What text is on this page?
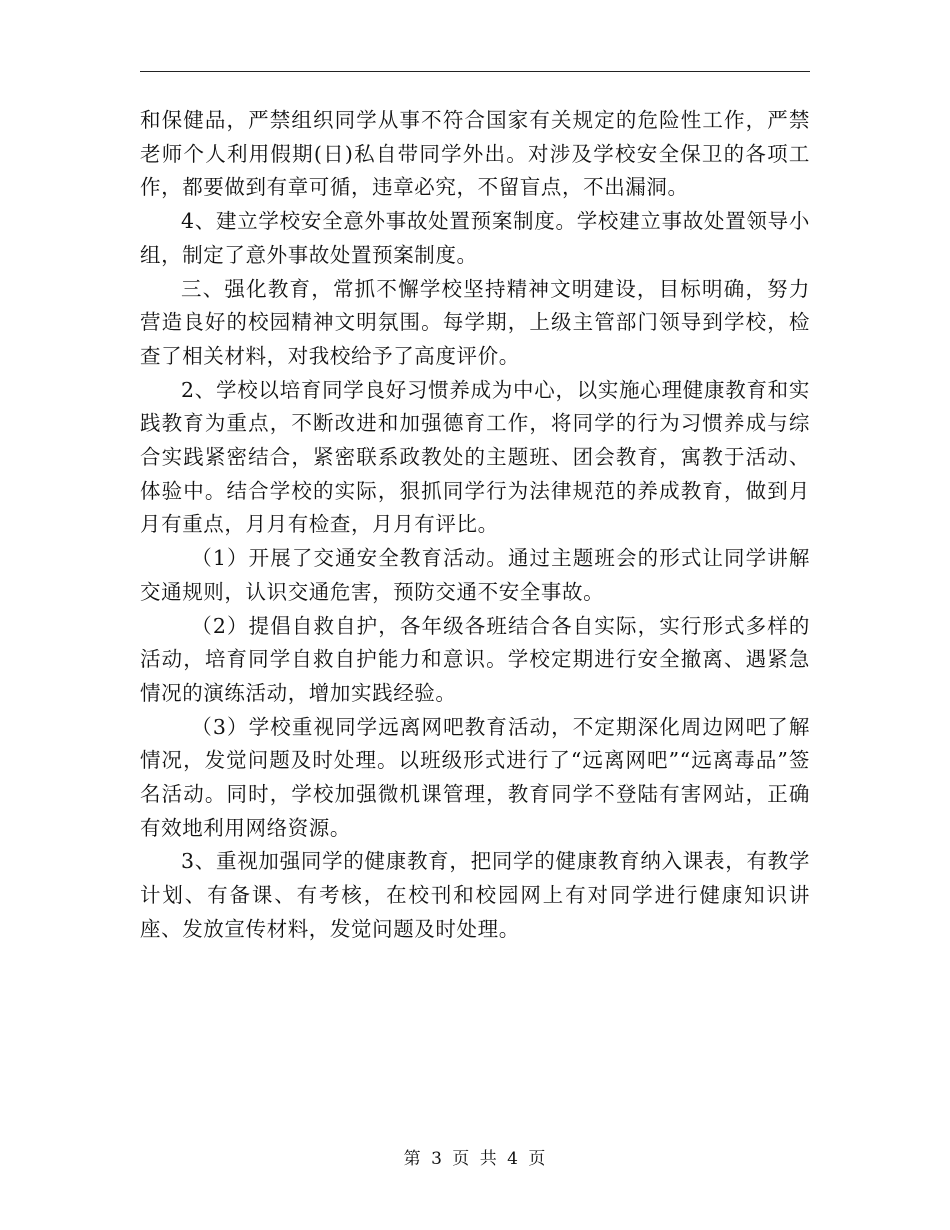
和保健品，严禁组织同学从事不符合国家有关规定的危险性工作，严禁老师个人利用假期(日)私自带同学外出。对涉及学校安全保卫的各项工作，都要做到有章可循，违章必究，不留盲点，不出漏洞。

4、建立学校安全意外事故处置预案制度。学校建立事故处置领导小组，制定了意外事故处置预案制度。

三、强化教育，常抓不懈学校坚持精神文明建设，目标明确，努力营造良好的校园精神文明氛围。每学期，上级主管部门领导到学校，检查了相关材料，对我校给予了高度评价。

2、学校以培育同学良好习惯养成为中心，以实施心理健康教育和实践教育为重点，不断改进和加强德育工作，将同学的行为习惯养成与综合实践紧密结合，紧密联系政教处的主题班、团会教育，寓教于活动、体验中。结合学校的实际，狠抓同学行为法律规范的养成教育，做到月月有重点，月月有检查，月月有评比。

（1）开展了交通安全教育活动。通过主题班会的形式让同学讲解交通规则，认识交通危害，预防交通不安全事故。

（2）提倡自救自护，各年级各班结合各自实际，实行形式多样的活动，培育同学自救自护能力和意识。学校定期进行安全撤离、遇紧急情况的演练活动，增加实践经验。

（3）学校重视同学远离网吧教育活动，不定期深化周边网吧了解情况，发觉问题及时处理。以班级形式进行了“远离网吧”“远离毒品”签名活动。同时，学校加强微机课管理，教育同学不登陆有害网站，正确有效地利用网络资源。

3、重视加强同学的健康教育，把同学的健康教育纳入课表，有教学计划、有备课、有考核，在校刊和校园网上有对同学进行健康知识讲座、发放宣传材料，发觉问题及时处理。

第 3 页 共 4 页
